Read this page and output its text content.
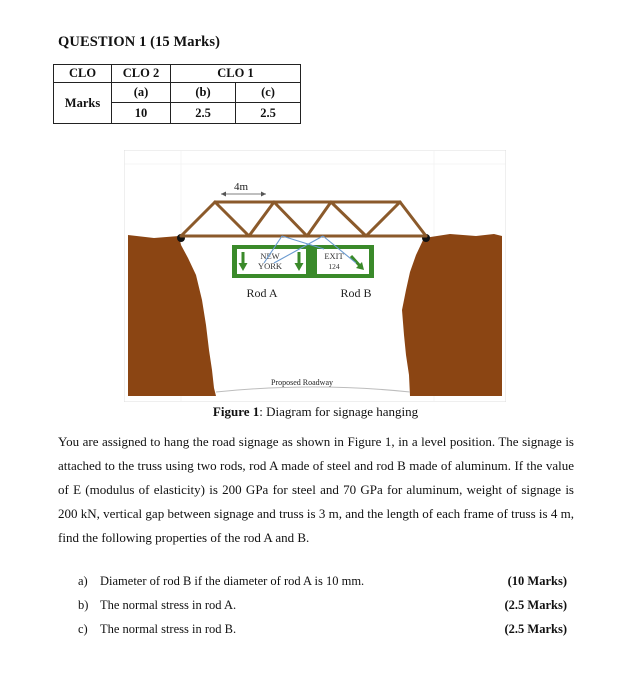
QUESTION 1 (15 Marks)
CLO	CLO 2	CLO 1	
Marks	(a)	(b)	(c)
	10	2.5	2.5
4m
NEW
YORK
EXIT
124
Rod A	Rod B
Proposed Roadway
Figure 1: Diagram for signage hanging
You are assigned to hang the road signage as shown in Figure 1, in a level position. The signage is attached to the truss using two rods, rod A made of steel and rod B made of aluminum. If the value of E (modulus of elasticity) is 200 GPa for steel and 70 GPa for aluminum, weight of signage is 200 kN, vertical gap between signage and truss is 3 m, and the length of each frame of truss is 4 m, find the following properties of the rod A and B.
a) Diameter of rod B if the diameter of rod A is 10 mm.	(10 Marks)
b) The normal stress in rod A.	(2.5 Marks)
c) The normal stress in rod B.	(2.5 Marks)
